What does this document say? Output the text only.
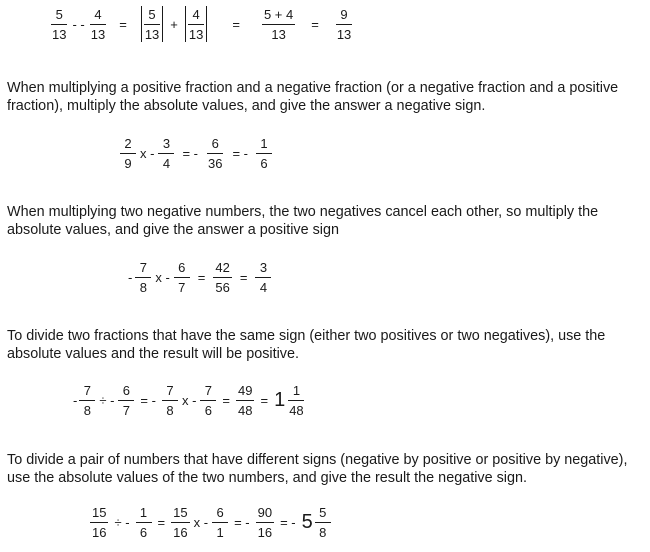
$\frac{5}{13}$ - - $\frac{4}{13} = \frac{5}{13} + \frac{4}{13} = \frac{5 + 4}{13} = \frac{9}{13}$

When multiplying a positive fraction and a negative fraction (or a negative fraction and a positive fraction), multiply the absolute values, and give the answer a negative sign.

$\frac{2}{9}$ x - $\frac{3}{4}$ = - $\frac{6}{36}$ = - $\frac{1}{6}$

When multiplying two negative numbers, the two negatives cancel each other, so multiply the absolute values, and give the answer a positive sign

- $\frac{7}{8}$ $x - \frac{6}{7} = \frac{42}{56} = \frac{3}{4}$

To divide two fractions that have the same sign (either two positives or two negatives), use the absolute values and the result will be positive.

- $\frac{7}{8}$ ÷ - $\frac{6}{7}$ = - $\frac{7}{8}$ $x - \frac{7}{6} = \frac{49}{48} = 1 \frac{1}{48}$

To divide a pair of numbers that have different signs (negative by positive or positive by negative), use the absolute values of the two numbers, and give the result the negative sign.

$\frac{15}{16}$ ÷ - $\frac{1}{6} = \frac{15}{16}$ x - $\frac{6}{1}$ = - $\frac{90}{16}$ = - $5 \frac{5}{8}$
